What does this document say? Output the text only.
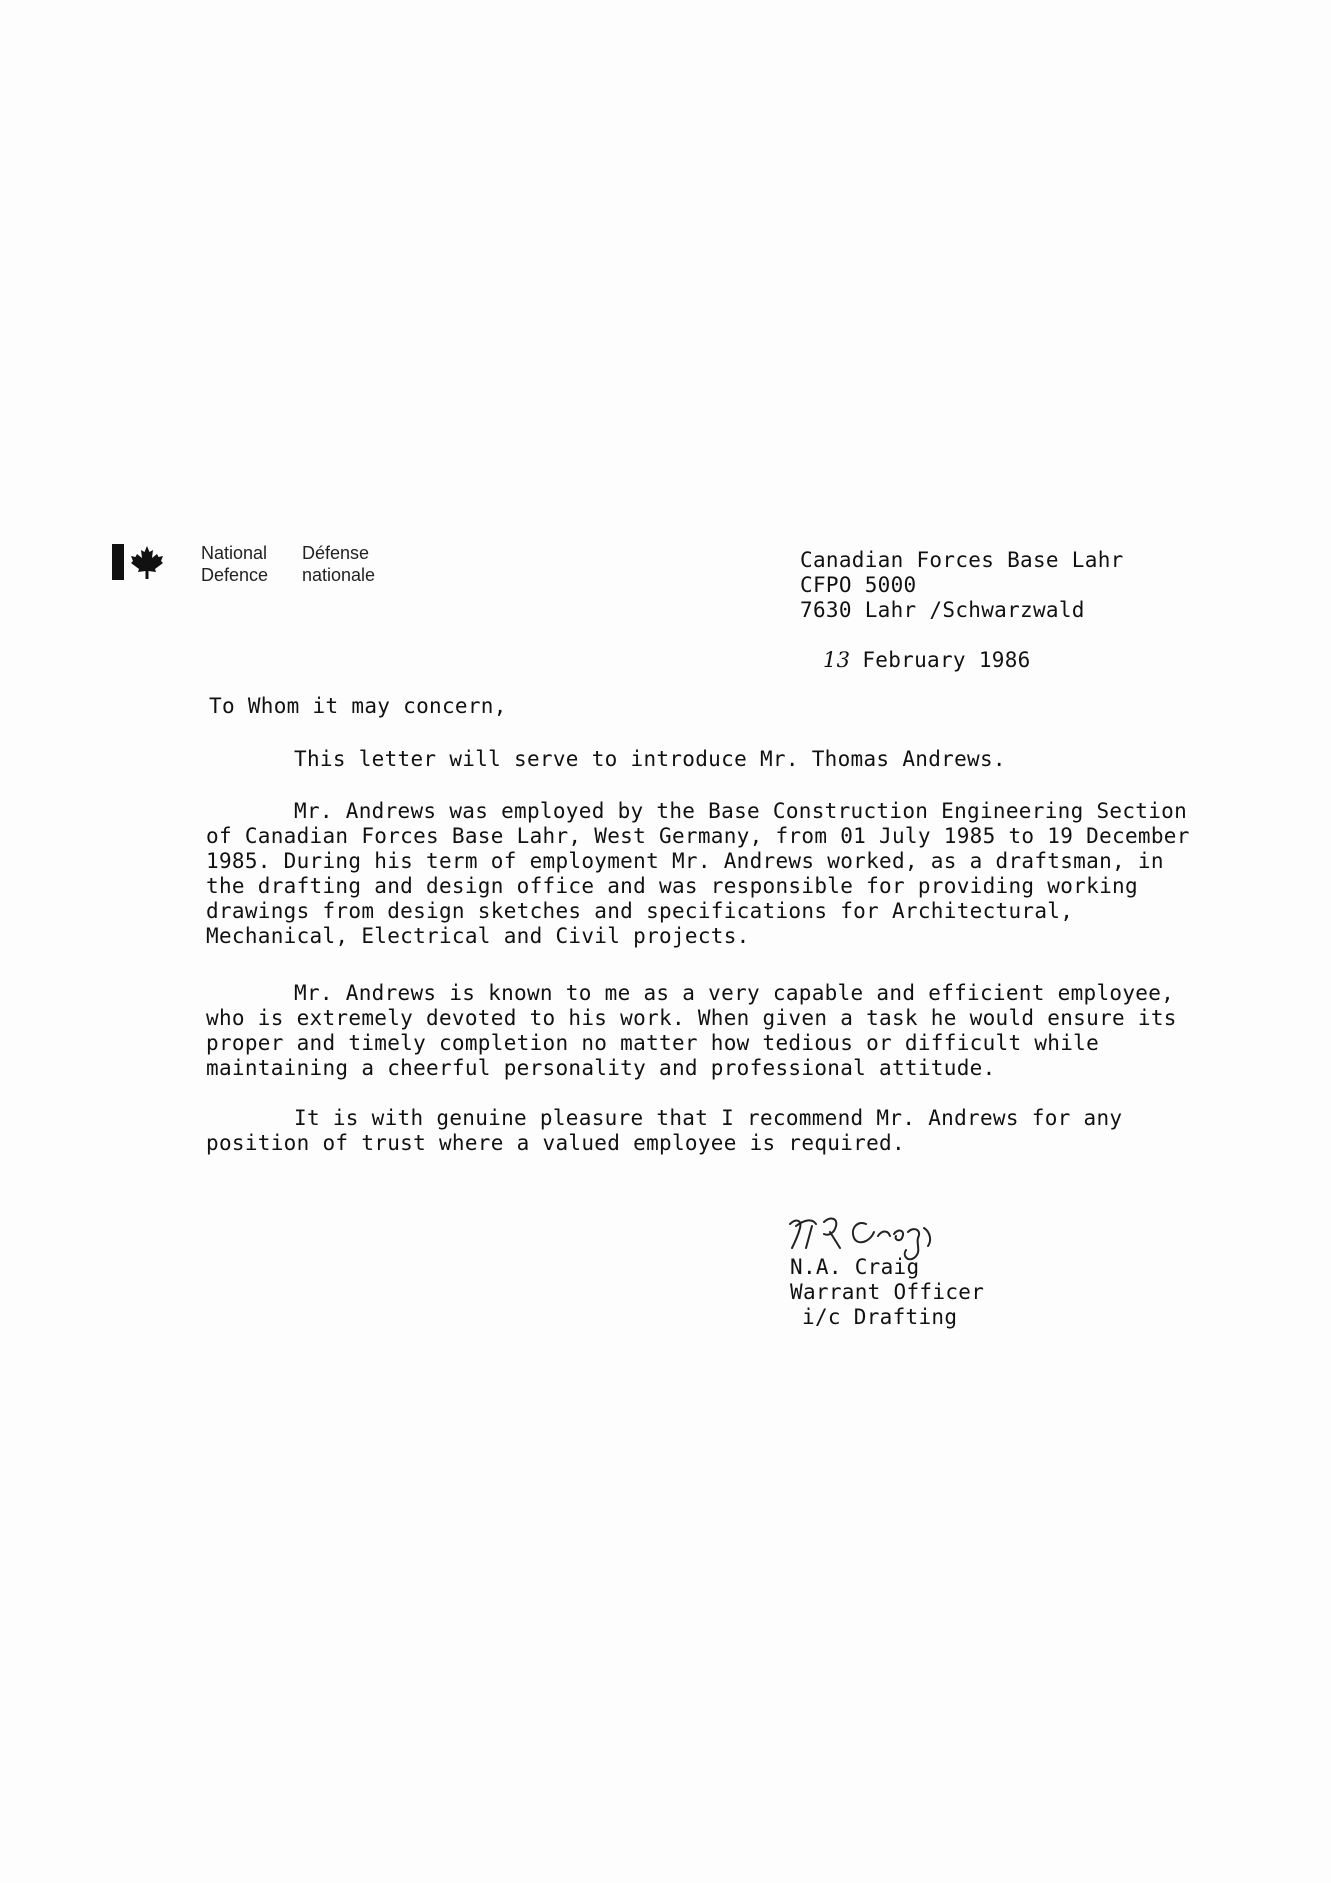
National
Defence
Défense
nationale
Canadian Forces Base Lahr
CFPO 5000
7630 Lahr /Schwarzwald
13 February 1986
To Whom it may concern,
This letter will serve to introduce Mr. Thomas Andrews.
Mr. Andrews was employed by the Base Construction Engineering Section of Canadian Forces Base Lahr, West Germany, from 01 July 1985 to 19 December 1985. During his term of employment Mr. Andrews worked, as a draftsman, in the drafting and design office and was responsible for providing working drawings from design sketches and specifications for Architectural, Mechanical, Electrical and Civil projects.
Mr. Andrews is known to me as a very capable and efficient employee, who is extremely devoted to his work. When given a task he would ensure its proper and timely completion no matter how tedious or difficult while maintaining a cheerful personality and professional attitude.
It is with genuine pleasure that I recommend Mr. Andrews for any position of trust where a valued employee is required.
N.A. Craig
Warrant Officer
i/c Drafting
